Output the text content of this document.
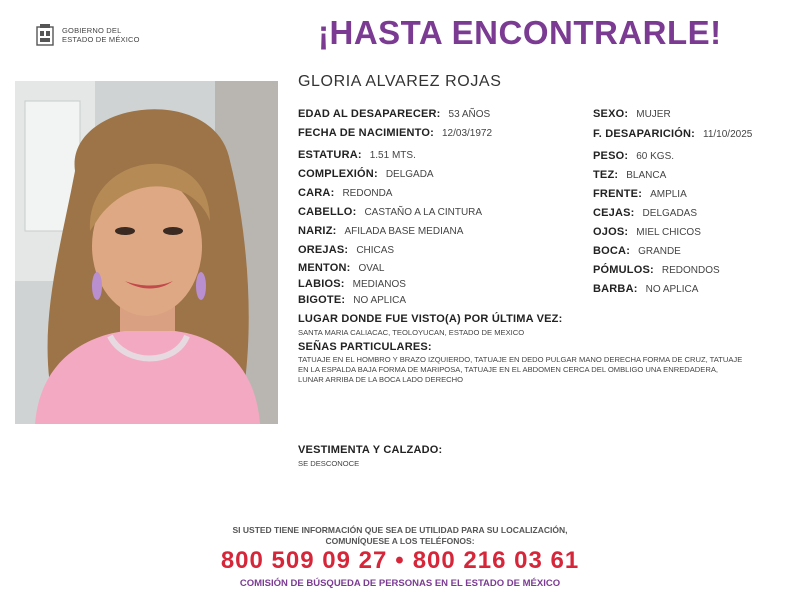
GOBIERNO DEL
ESTADO DE MÉXICO	¡HASTA ENCONTRARLE!
GLORIA ALVAREZ ROJAS
EDAD AL DESAPARECER: 53 AÑOS
FECHA DE NACIMIENTO: 12/03/1972
ESTATURA: 1.51 MTS.
COMPLEXIÓN: DELGADA
CARA: REDONDA
CABELLO: CASTAÑO A LA CINTURA
NARIZ: AFILADA BASE MEDIANA
OREJAS: CHICAS
MENTON: OVAL
LABIOS: MEDIANOS
BIGOTE: NO APLICA
SEXO: MUJER
F. DESAPARICIÓN: 11/10/2025
PESO: 60 KGS.
TEZ: BLANCA
FRENTE: AMPLIA
CEJAS: DELGADAS
OJOS: MIEL CHICOS
BOCA: GRANDE
PÓMULOS: REDONDOS
BARBA: NO APLICA
LUGAR DONDE FUE VISTO(A) POR ÚLTIMA VEZ:
SANTA MARIA CALIACAC, TEOLOYUCAN, ESTADO DE MEXICO
SEÑAS PARTICULARES:
TATUAJE EN EL HOMBRO Y BRAZO IZQUIERDO, TATUAJE EN DEDO PULGAR MANO DERECHA FORMA DE CRUZ, TATUAJE
EN LA ESPALDA BAJA FORMA DE MARIPOSA, TATUAJE EN EL ABDOMEN CERCA DEL OMBLIGO UNA ENREDADERA,
LUNAR ARRIBA DE LA BOCA LADO DERECHO
VESTIMENTA Y CALZADO:
SE DESCONOCE
SI USTED TIENE INFORMACIÓN QUE SEA DE UTILIDAD PARA SU LOCALIZACIÓN,
COMUNÍQUESE A LOS TELÉFONOS:
800 509 09 27 • 800 216 03 61
COMISIÓN DE BÚSQUEDA DE PERSONAS EN EL ESTADO DE MÉXICO
